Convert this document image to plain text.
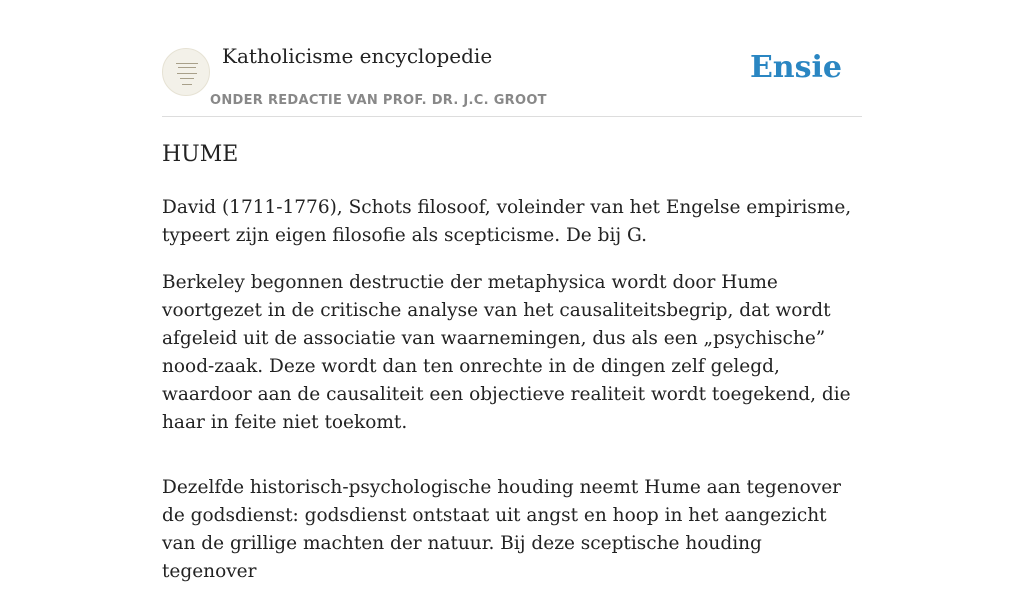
Katholicisme encyclopedie
ONDER REDACTIE VAN PROF. DR. J.C. GROOT
Ensie
HUME

David (1711-1776), Schots filosoof, voleinder van het Engelse empirisme, typeert zijn eigen filosofie als scepticisme. De bij G.

Berkeley begonnen destructie der metaphysica wordt door Hume voortgezet in de critische analyse van het causaliteitsbegrip, dat wordt afgeleid uit de associatie van waarnemingen, dus als een „psychische” nood-zaak. Deze wordt dan ten onrechte in de dingen zelf gelegd, waardoor aan de causaliteit een objectieve realiteit wordt toegekend, die haar in feite niet toekomt.

Dezelfde historisch-psychologische houding neemt Hume aan tegenover de godsdienst: godsdienst ontstaat uit angst en hoop in het aangezicht van de grillige machten der natuur. Bij deze sceptische houding tegenover
